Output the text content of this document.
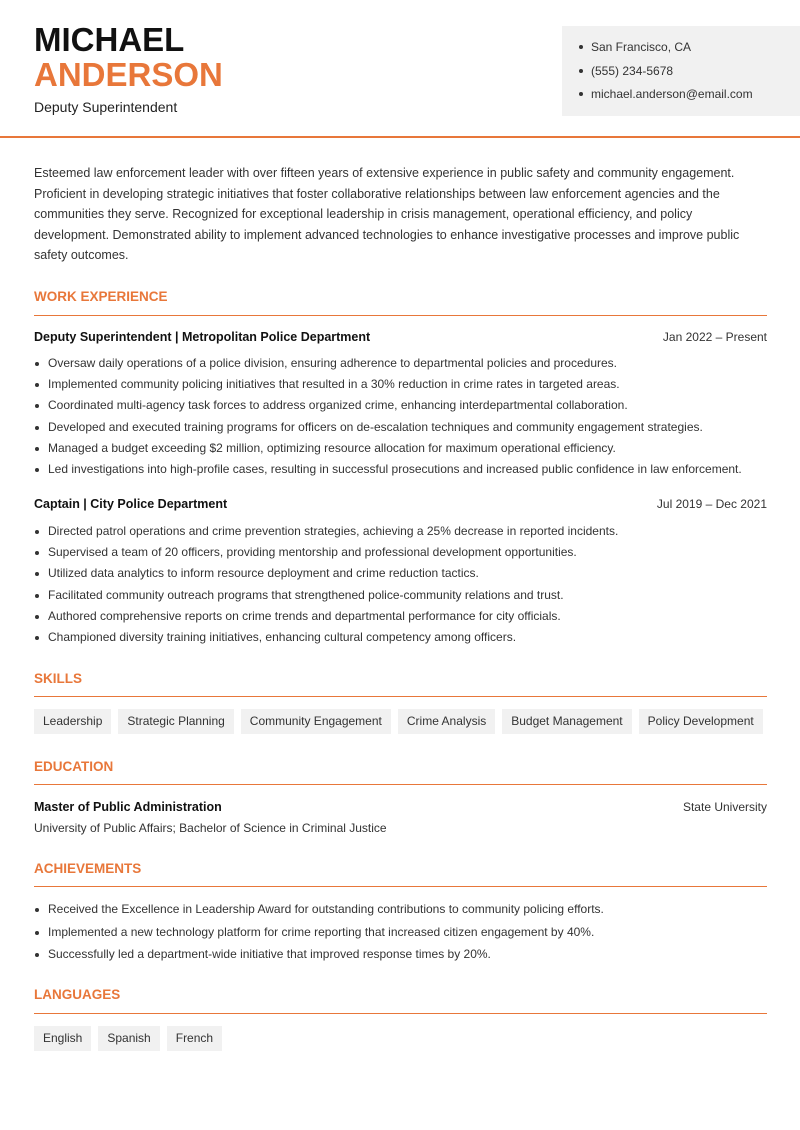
MICHAEL
ANDERSON
Deputy Superintendent
San Francisco, CA
(555) 234-5678
michael.anderson@email.com

Esteemed law enforcement leader with over fifteen years of extensive experience in public safety and community engagement. Proficient in developing strategic initiatives that foster collaborative relationships between law enforcement agencies and the communities they serve. Recognized for exceptional leadership in crisis management, operational efficiency, and policy development. Demonstrated ability to implement advanced technologies to enhance investigative processes and improve public safety outcomes.

WORK EXPERIENCE
Deputy Superintendent | Metropolitan Police Department	Jan 2022 – Present
Oversaw daily operations of a police division, ensuring adherence to departmental policies and procedures.
Implemented community policing initiatives that resulted in a 30% reduction in crime rates in targeted areas.
Coordinated multi-agency task forces to address organized crime, enhancing interdepartmental collaboration.
Developed and executed training programs for officers on de-escalation techniques and community engagement strategies.
Managed a budget exceeding $2 million, optimizing resource allocation for maximum operational efficiency.
Led investigations into high-profile cases, resulting in successful prosecutions and increased public confidence in law enforcement.
Captain | City Police Department	Jul 2019 – Dec 2021
Directed patrol operations and crime prevention strategies, achieving a 25% decrease in reported incidents.
Supervised a team of 20 officers, providing mentorship and professional development opportunities.
Utilized data analytics to inform resource deployment and crime reduction tactics.
Facilitated community outreach programs that strengthened police-community relations and trust.
Authored comprehensive reports on crime trends and departmental performance for city officials.
Championed diversity training initiatives, enhancing cultural competency among officers.
SKILLS
Leadership	Strategic Planning	Community Engagement	Crime Analysis	Budget Management	Policy Development
EDUCATION
Master of Public Administration	State University
University of Public Affairs; Bachelor of Science in Criminal Justice
ACHIEVEMENTS
Received the Excellence in Leadership Award for outstanding contributions to community policing efforts.
Implemented a new technology platform for crime reporting that increased citizen engagement by 40%.
Successfully led a department-wide initiative that improved response times by 20%.
LANGUAGES
English	Spanish	French
